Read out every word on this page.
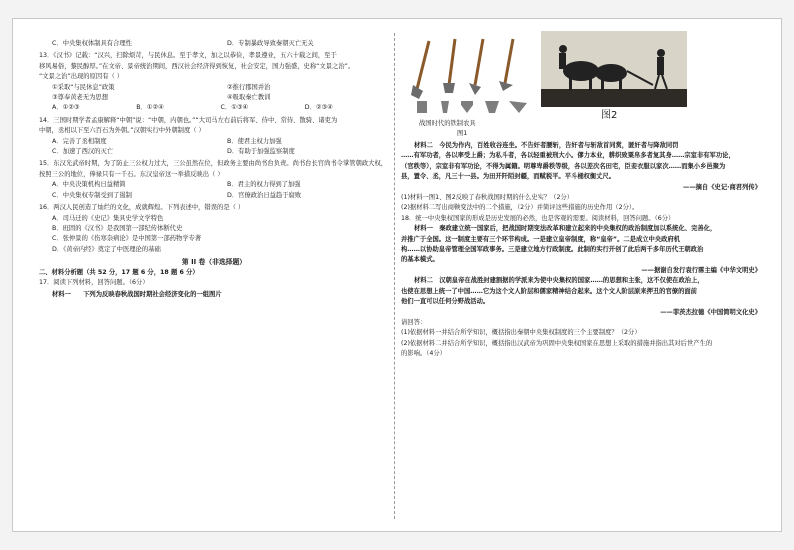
C．中央集权体制具有合理性	D．专制暴政导致秦朝灭亡无关
13．《汉书》记载：“汉兴，扫除烦苛，与民休息。至于孝文，加之以恭俭，孝景遵业，五六十载之间，至于
移风易俗，黎民醇厚。”在文帝、景帝统治期间，西汉社会经济得到恢复，社会安定，国力强盛，史称“文景之治”。
“文景之治”出现的原因有（ ）
①采取“与民休息”政策	②推行郡国并治
③尊奉黄老无为思想	④吸取秦亡教训
A．①②③	B．①②④	C．①③④	D．②③④
14．三国时期学者孟康解释“中朝”说：“中朝，内朝也。”“大司马左右前后将军、侍中、常侍、散骑、诸吏为
中朝，丞相以下至六百石为外朝。”汉朝实行中外朝制度（ ）
A．完善了丞相制度	B．使君主权力加强
C．加速了西汉的灭亡	D．有助于加强监察制度
15．东汉光武帝时期，为了防止三公权力过大，三公虽然在位，但政务主要由尚书台负责。尚书台长官尚书令掌管朝政大权，
按照三公的地位，俸禄只有一千石。东汉皇帝这一举措反映出（ ）
A．中央决策机构日益精简	B．君主的权力得到了加强
C．中央集权专制受到了遏制	D．官僚政治日益趋于腐败
16．两汉人民创造了灿烂的文化，成就辉煌。下列表述中，错误的是（ ）
A．司马迁的《史记》集具史学文学特色
B．班固的《汉书》是我国第一部纪传体断代史
C．张仲景的《伤寒杂病论》是中国第一部药物学专著
D．《黄帝内经》奠定了中医理论的基础
第 II 卷（非选择题）
二、材料分析题（共 52 分，17 题 6 分，18 题 6 分）
17．阅读下列材料，回答问题。（6分）
材料一 下列为反映春秋战国时期社会经济变化的一组图片
战国时代的铁制农具
图1
图2
材料二　今民为作内，百姓收谷连坐。不告奸者腰斩，告奸者与斩敌首同赏，匿奸者与降敌同罚
……有军功者，各以率受上爵；为私斗者，各以轻重被刑大小。僇力本业，耕织致粟帛多者复其身……宗室非有军功论，
（官秩等），宗室非有军功论，不得为属籍。明尊卑爵秩等级，各以差次名田宅，臣妾衣服以家次……而集小乡邑聚为
县，置令、丞，凡三十一县。为田开阡陌封疆，而赋税平。平斗桶权衡丈尺。
——摘自《史记·商君列传》
(1)材料一图1、图2反映了春秋战国时期的什么史实？（2分）
(2)据材料二写出商鞅变法中的二个措施，（2分）并简评这些措施的历史作用（2分）。
18．统一中央集权国家的形成是历史发展的必然，也是客观的需要。阅读材料，回答问题。（6分）
材料一　秦政建立统一国家后，把战国时期变法改革和建立起来的中央集权的政治制度加以系统化、完善化，
并推广于全国。这一制度主要有三个环节构成。一是建立皇帝制度，称“皇帝”。二是成立中央政府机
构……以协助皇帝管理全国军政事务。三是建立地方行政制度。此制的实行开创了此后两千多年历代王朝政治
的基本模式。
——据谢自发行袁行霈主编《中华文明史》
材料二　汉朝皇帝在战胜封建割据的学派来为使中央集权的国家……的思想和主张，这不仅使在政治上，
也使在思想上统一了中国……它为这个文人阶层和儒家精神结合起来。这个文人阶层原来押丑的官僚的面前
他们一直可以任何分野战活动。
——菲茨杰拉德《中国简明文化史》
请回答：
(1)依据材料一并结合所学知识，概括指出秦朝中央集权制度的三个主要制度？（2分）
(2)依据材料二并结合所学知识，概括指出汉武帝为巩固中央集权国家在思想上采取的措施并指出其对后世产生的
的影响。（4分）
